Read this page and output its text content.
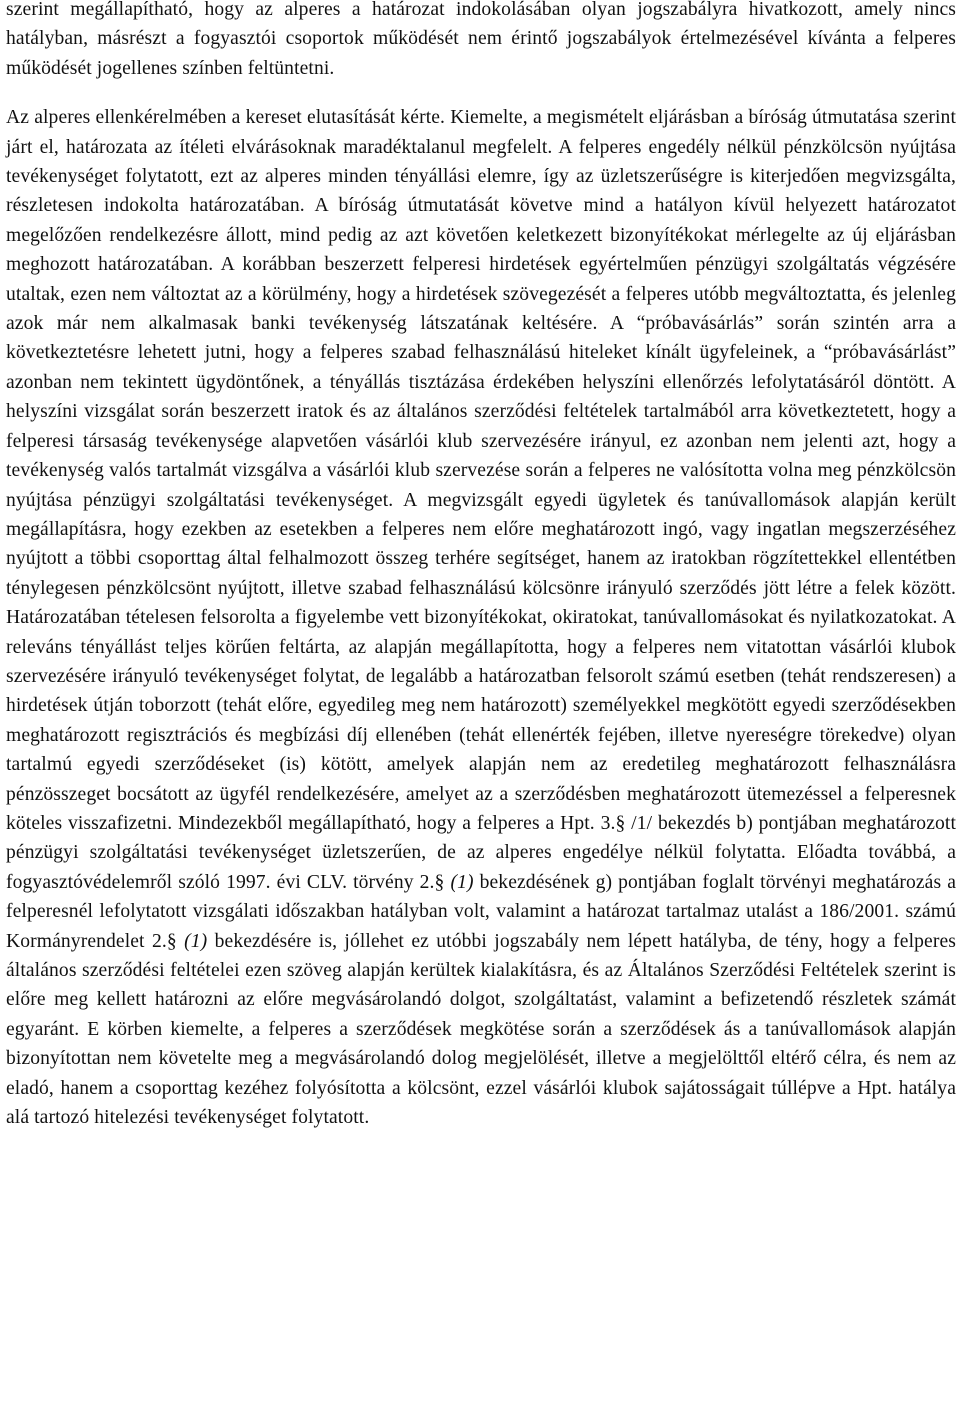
szerint megállapítható, hogy az alperes a határozat indokolásában olyan jogszabályra hivatkozott, amely nincs hatályban, másrészt a fogyasztói csoportok működését nem érintő jogszabályok értelmezésével kívánta a felperes működését jogellenes színben feltüntetni.

Az alperes ellenkérelmében a kereset elutasítását kérte. Kiemelte, a megismételt eljárásban a bíróság útmutatása szerint járt el, határozata az ítéleti elvárásoknak maradéktalanul megfelelt. A felperes engedély nélkül pénzkölcsön nyújtása tevékenységet folytatott, ezt az alperes minden tényállási elemre, így az üzletszerűségre is kiterjedően megvizsgálta, részletesen indokolta határozatában. A bíróság útmutatását követve mind a hatályon kívül helyezett határozatot megelőzően rendelkezésre állott, mind pedig az azt követően keletkezett bizonyítékokat mérlegelte az új eljárásban meghozott határozatában. A korábban beszerzett felperesi hirdetések egyértelműen pénzügyi szolgáltatás végzésére utaltak, ezen nem változtat az a körülmény, hogy a hirdetések szövegezését a felperes utóbb megváltoztatta, és jelenleg azok már nem alkalmasak banki tevékenység látszatának keltésére. A “próbavásárlás” során szintén arra a következtetésre lehetett jutni, hogy a felperes szabad felhasználású hiteleket kínált ügyfeleinek, a “próbavásárlást” azonban nem tekintett ügydöntőnek, a tényállás tisztázása érdekében helyszíni ellenőrzés lefolytatásáról döntött. A helyszíni vizsgálat során beszerzett iratok és az általános szerződési feltételek tartalmából arra következtetett, hogy a felperesi társaság tevékenysége alapvetően vásárlói klub szervezésére irányul, ez azonban nem jelenti azt, hogy a tevékenység valós tartalmát vizsgálva a vásárlói klub szervezése során a felperes ne valósította volna meg pénzkölcsön nyújtása pénzügyi szolgáltatási tevékenységet. A megvizsgált egyedi ügyletek és tanúvallomások alapján került megállapításra, hogy ezekben az esetekben a felperes nem előre meghatározott ingó, vagy ingatlan megszerzéséhez nyújtott a többi csoporttag által felhalmozott összeg terhére segítséget, hanem az iratokban rögzítettekkel ellentétben ténylegesen pénzkölcsönt nyújtott, illetve szabad felhasználású kölcsönre irányuló szerződés jött létre a felek között. Határozatában tételesen felsorolta a figyelembe vett bizonyítékokat, okiratokat, tanúvallomásokat és nyilatkozatokat. A releváns tényállást teljes körűen feltárta, az alapján megállapította, hogy a felperes nem vitatottan vásárlói klubok szervezésére irányuló tevékenységet folytat, de legalább a határozatban felsorolt számú esetben (tehát rendszeresen) a hirdetések útján toborzott (tehát előre, egyedileg meg nem határozott) személyekkel megkötött egyedi szerződésekben meghatározott regisztrációs és megbízási díj ellenében (tehát ellenérték fejében, illetve nyereségre törekedve) olyan tartalmú egyedi szerződéseket (is) kötött, amelyek alapján nem az eredetileg meghatározott felhasználásra pénzösszeget bocsátott az ügyfél rendelkezésére, amelyet az a szerződésben meghatározott ütemezéssel a felperesnek köteles visszafizetni. Mindezekből megállapítható, hogy a felperes a Hpt. 3.§ /1/ bekezdés b) pontjában meghatározott pénzügyi szolgáltatási tevékenységet üzletszerűen, de az alperes engedélye nélkül folytatta. Előadta továbbá, a fogyasztóvédelemről szóló 1997. évi CLV. törvény 2.§ (1) bekezdésének g) pontjában foglalt törvényi meghatározás a felperesnél lefolytatott vizsgálati időszakban hatályban volt, valamint a határozat tartalmaz utalást a 186/2001. számú Kormányrendelet 2.§ (1) bekezdésére is, jóllehet ez utóbbi jogszabály nem lépett hatályba, de tény, hogy a felperes általános szerződési feltételei ezen szöveg alapján kerültek kialakításra, és az Általános Szerződési Feltételek szerint is előre meg kellett határozni az előre megvásárolandó dolgot, szolgáltatást, valamint a befizetendő részletek számát egyaránt. E körben kiemelte, a felperes a szerződések megkötése során a szerződések ás a tanúvallomások alapján bizonyítottan nem követelte meg a megvásárolandó dolog megjelölését, illetve a megjelölttől eltérő célra, és nem az eladó, hanem a csoporttag kezéhez folyósította a kölcsönt, ezzel vásárlói klubok sajátosságait túllépve a Hpt. hatálya alá tartozó hitelezési tevékenységet folytatott.
